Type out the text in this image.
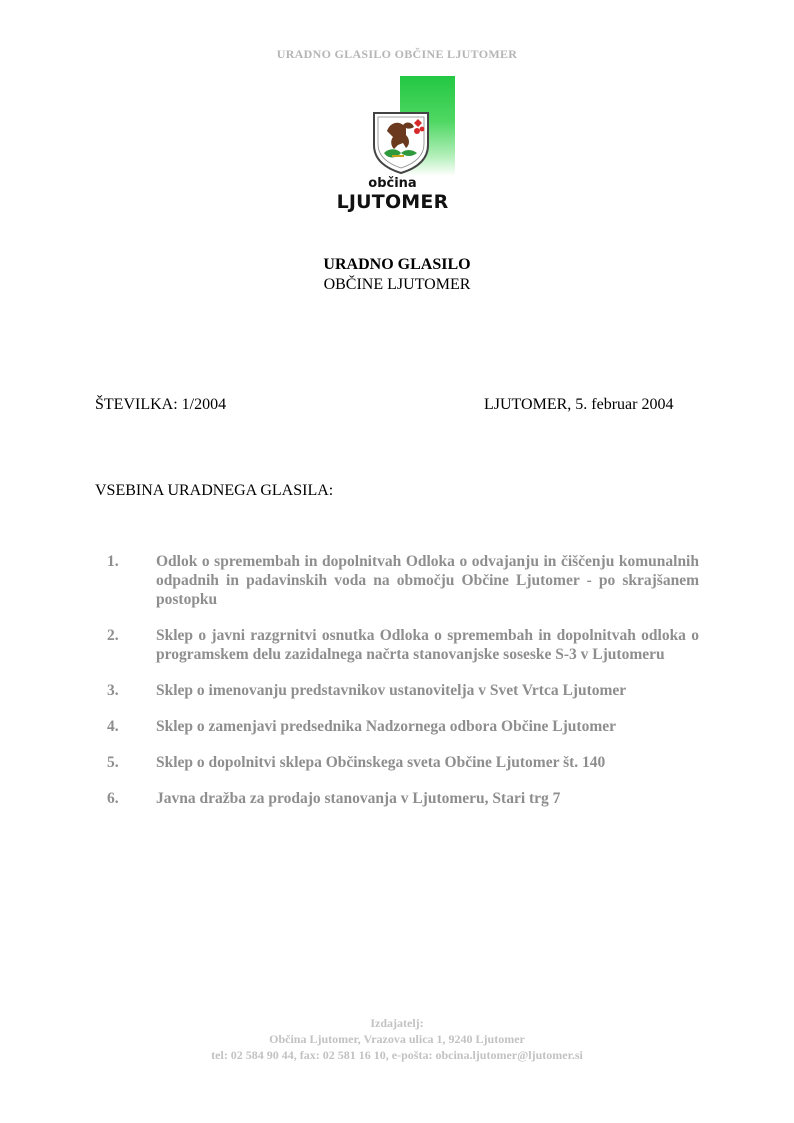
URADNO GLASILO OBČINE LJUTOMER
občina
LJUTOMER
URADNO GLASILO
OBČINE LJUTOMER
ŠTEVILKA: 1/2004	LJUTOMER, 5. februar 2004
VSEBINA URADNEGA GLASILA:
1. Odlok o spremembah in dopolnitvah Odloka o odvajanju in čiščenju komunalnih odpadnih in padavinskih voda na območju Občine Ljutomer - po skrajšanem postopku
2. Sklep o javni razgrnitvi osnutka Odloka o spremembah in dopolnitvah odloka o programskem delu zazidalnega načrta stanovanjske soseske S-3 v Ljutomeru
3. Sklep o imenovanju predstavnikov ustanovitelja v Svet Vrtca Ljutomer
4. Sklep o zamenjavi predsednika Nadzornega odbora Občine Ljutomer
5. Sklep o dopolnitvi sklepa Občinskega sveta Občine Ljutomer št. 140
6. Javna dražba za prodajo stanovanja v Ljutomeru, Stari trg 7
Izdajatelj:
Občina Ljutomer, Vrazova ulica 1, 9240 Ljutomer
tel: 02 584 90 44, fax: 02 581 16 10, e-pošta: obcina.ljutomer@ljutomer.si
